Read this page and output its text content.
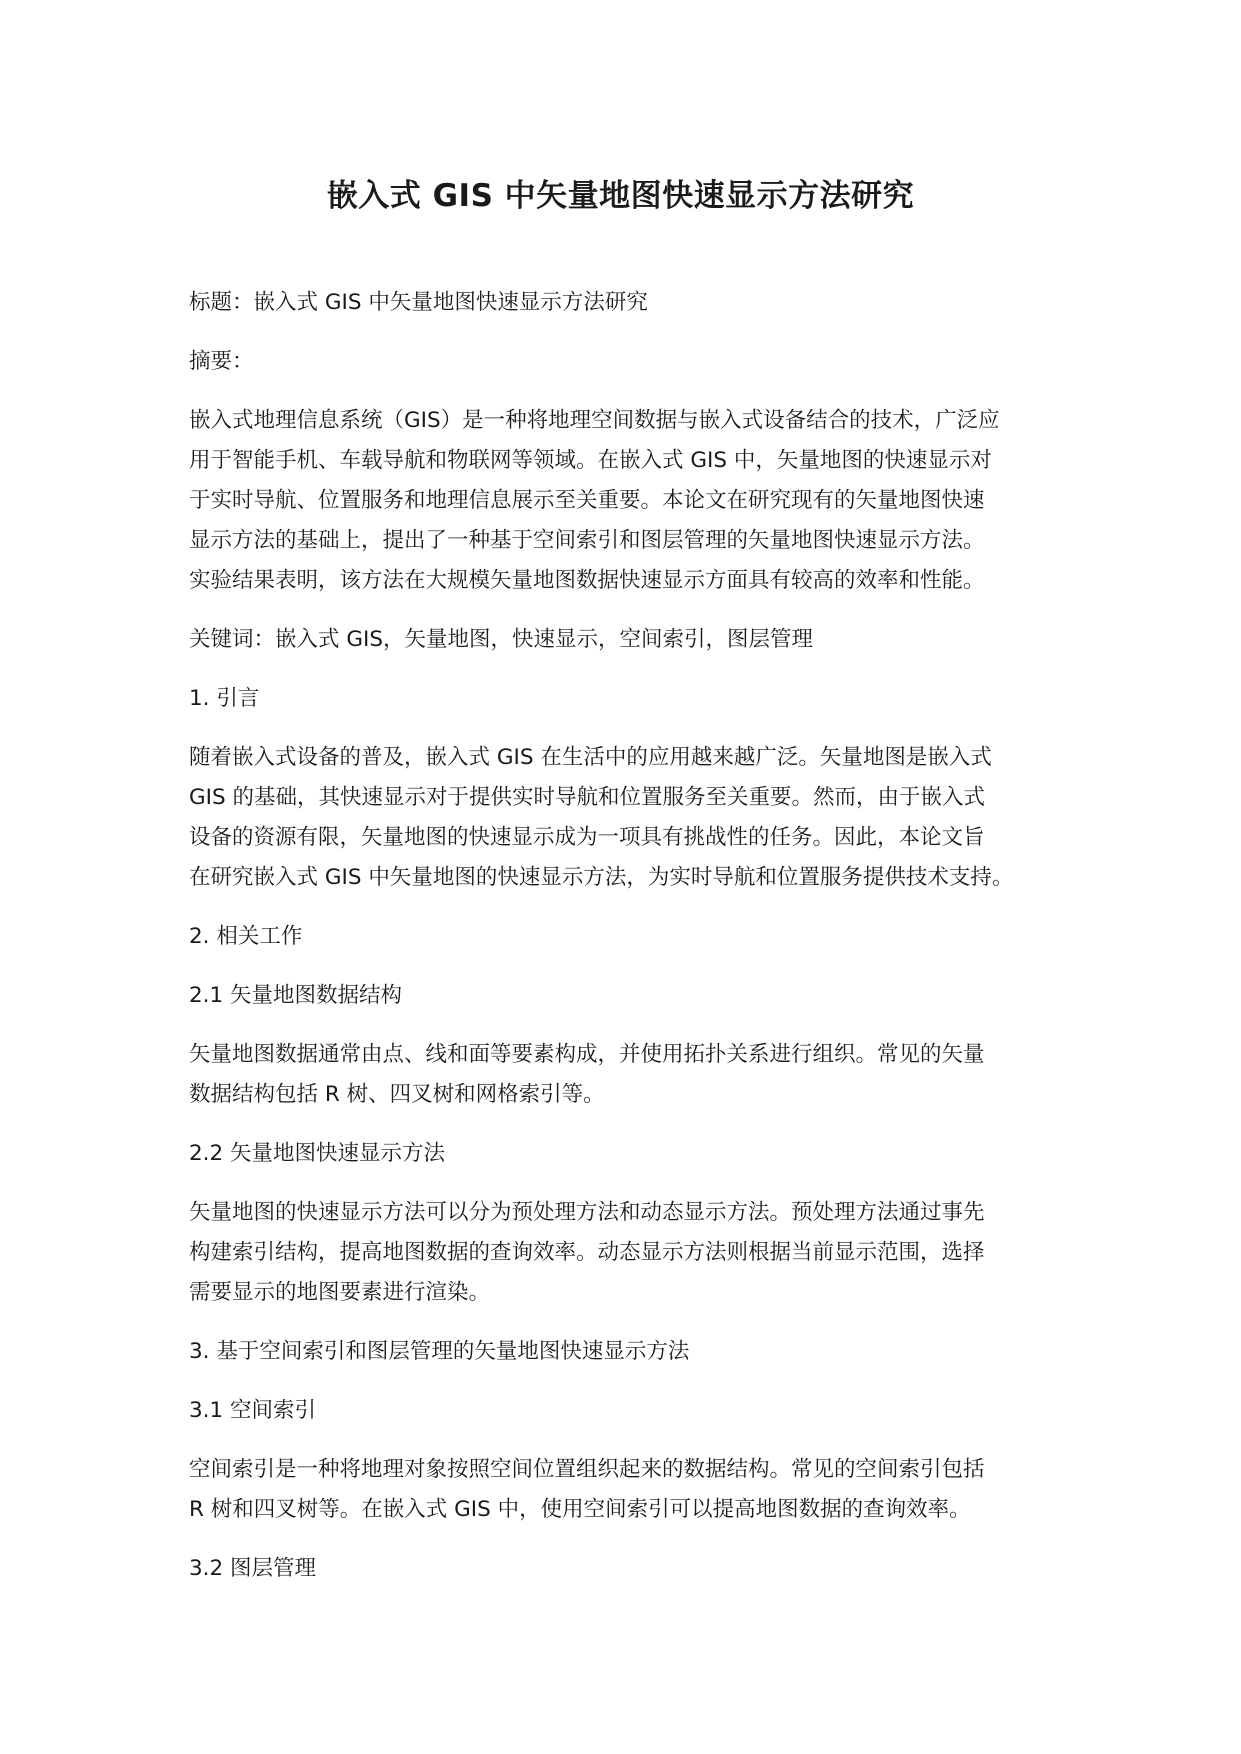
嵌入式 GIS 中矢量地图快速显示方法研究
标题：嵌入式 GIS 中矢量地图快速显示方法研究
摘要：
嵌入式地理信息系统（GIS）是一种将地理空间数据与嵌入式设备结合的技术，广泛应
用于智能手机、车载导航和物联网等领域。在嵌入式 GIS 中，矢量地图的快速显示对
于实时导航、位置服务和地理信息展示至关重要。本论文在研究现有的矢量地图快速
显示方法的基础上，提出了一种基于空间索引和图层管理的矢量地图快速显示方法。
实验结果表明，该方法在大规模矢量地图数据快速显示方面具有较高的效率和性能。
关键词：嵌入式 GIS，矢量地图，快速显示，空间索引，图层管理
1. 引言
随着嵌入式设备的普及，嵌入式 GIS 在生活中的应用越来越广泛。矢量地图是嵌入式
GIS 的基础，其快速显示对于提供实时导航和位置服务至关重要。然而，由于嵌入式
设备的资源有限，矢量地图的快速显示成为一项具有挑战性的任务。因此，本论文旨
在研究嵌入式 GIS 中矢量地图的快速显示方法，为实时导航和位置服务提供技术支持。
2. 相关工作
2.1 矢量地图数据结构
矢量地图数据通常由点、线和面等要素构成，并使用拓扑关系进行组织。常见的矢量
数据结构包括 R 树、四叉树和网格索引等。
2.2 矢量地图快速显示方法
矢量地图的快速显示方法可以分为预处理方法和动态显示方法。预处理方法通过事先
构建索引结构，提高地图数据的查询效率。动态显示方法则根据当前显示范围，选择
需要显示的地图要素进行渲染。
3. 基于空间索引和图层管理的矢量地图快速显示方法
3.1 空间索引
空间索引是一种将地理对象按照空间位置组织起来的数据结构。常见的空间索引包括
R 树和四叉树等。在嵌入式 GIS 中，使用空间索引可以提高地图数据的查询效率。
3.2 图层管理
